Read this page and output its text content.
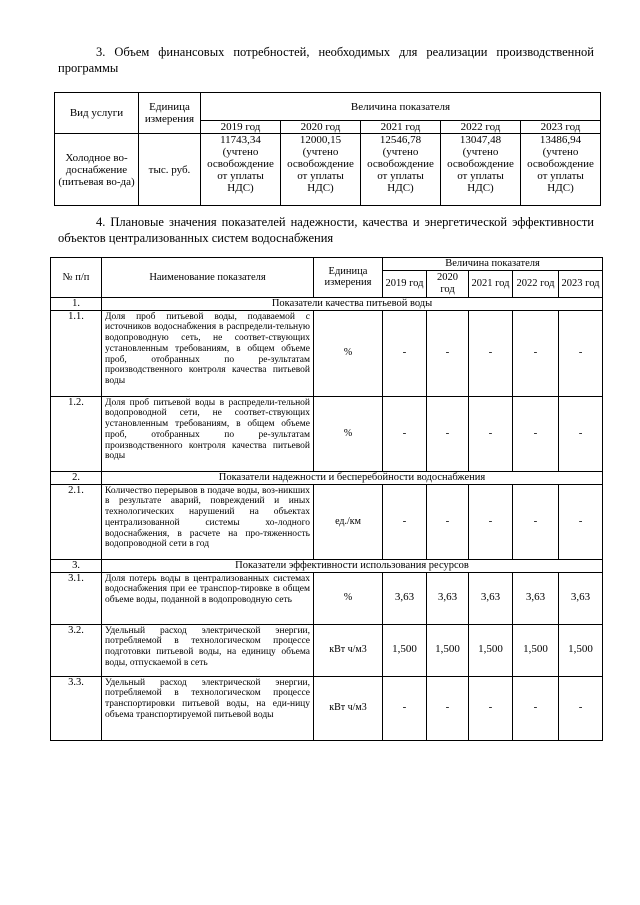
3. Объем финансовых потребностей, необходимых для реализации производственной программы
Вид услуги	Единица измерения	Величина показателя				
		2019 год	2020 год	2021 год	2022 год	2023 год
Холодное во-доснабжение (питьевая во-да)	тыс. руб.	11743,34 (учтено освобождение от уплаты НДС)	12000,15 (учтено освобождение от уплаты НДС)	12546,78 (учтено освобождение от уплаты НДС)	13047,48 (учтено освобождение от уплаты НДС)	13486,94 (учтено освобождение от уплаты НДС)
4. Плановые значения показателей надежности, качества и энергетической эффективности объектов централизованных систем водоснабжения
№ п/п	Наименование показателя	Единица измерения	Величина показателя				
			2019 год	2020 год	2021 год	2022 год	2023 год
1.	Показатели качества питьевой воды						
1.1.	Доля проб питьевой воды, подаваемой с источников водоснабжения в распредели-тельную водопроводную сеть, не соответ-ствующих установленным требованиям, в общем объеме проб, отобранных по ре-зультатам производственного контроля качества питьевой воды	%	-	-	-	-	-
1.2.	Доля проб питьевой воды в распредели-тельной водопроводной сети, не соответ-ствующих установленным требованиям, в общем объеме проб, отобранных по ре-зультатам производственного контроля качества питьевой воды	%	-	-	-	-	-
2.	Показатели надежности и бесперебойности водоснабжения						
2.1.	Количество перерывов в подаче воды, воз-никших в результате аварий, повреждений и иных технологических нарушений на объектах централизованной системы хо-лодного водоснабжения, в расчете на про-тяженность водопроводной сети в год	ед./км	-	-	-	-	-
3.	Показатели эффективности использования ресурсов						
3.1.	Доля потерь воды в централизованных системах водоснабжения при ее транспор-тировке в общем объеме воды, поданной в водопроводную сеть	%	3,63	3,63	3,63	3,63	3,63
3.2.	Удельный расход электрической энергии, потребляемой в технологическом процессе подготовки питьевой воды, на единицу объема воды, отпускаемой в сеть	кВт ч/м3	1,500	1,500	1,500	1,500	1,500
3.3.	Удельный расход электрической энергии, потребляемой в технологическом процессе транспортировки питьевой воды, на еди-ницу объема транспортируемой питьевой воды	кВт ч/м3	-	-	-	-	-
